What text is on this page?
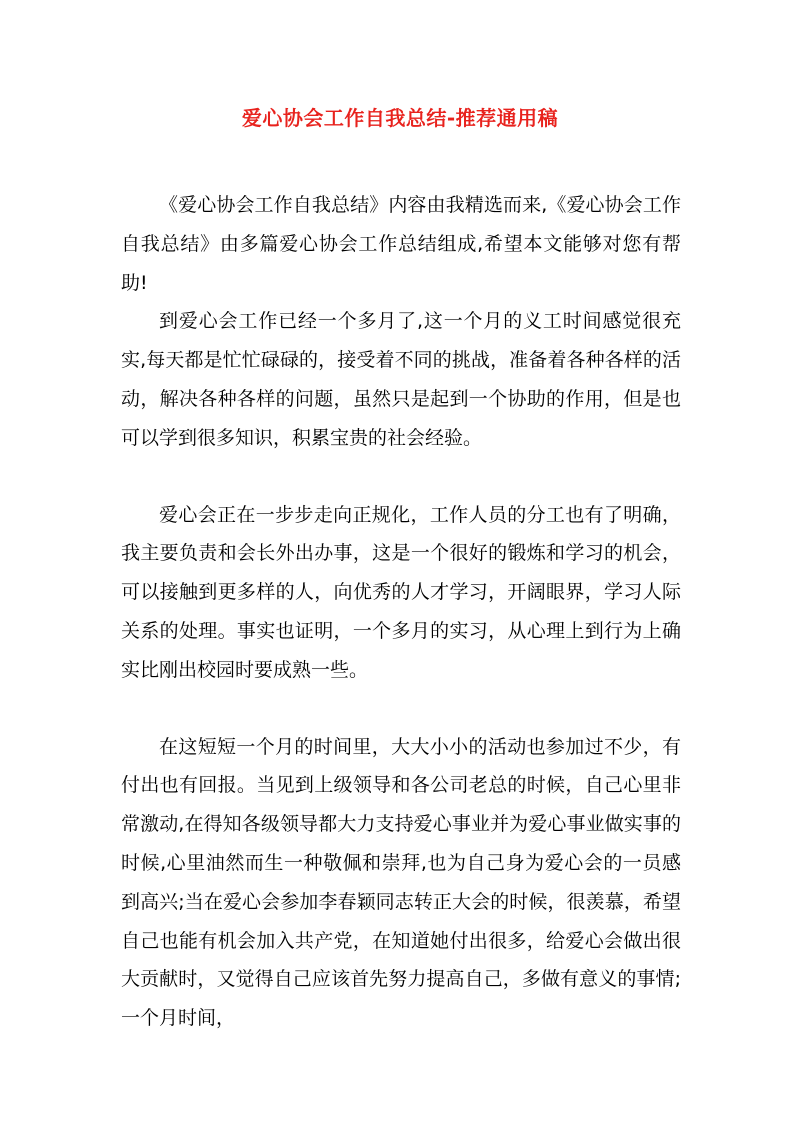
爱心协会工作自我总结-推荐通用稿

《爱心协会工作自我总结》内容由我精选而来,《爱心协会工作自我总结》由多篇爱心协会工作总结组成,希望本文能够对您有帮助!

到爱心会工作已经一个多月了,这一个月的义工时间感觉很充实,每天都是忙忙碌碌的，接受着不同的挑战，准备着各种各样的活动，解决各种各样的问题，虽然只是起到一个协助的作用，但是也可以学到很多知识，积累宝贵的社会经验。

爱心会正在一步步走向正规化，工作人员的分工也有了明确，我主要负责和会长外出办事，这是一个很好的锻炼和学习的机会，可以接触到更多样的人，向优秀的人才学习，开阔眼界，学习人际关系的处理。事实也证明，一个多月的实习，从心理上到行为上确实比刚出校园时要成熟一些。

在这短短一个月的时间里，大大小小的活动也参加过不少，有付出也有回报。当见到上级领导和各公司老总的时候，自己心里非常激动,在得知各级领导都大力支持爱心事业并为爱心事业做实事的时候,心里油然而生一种敬佩和崇拜,也为自己身为爱心会的一员感到高兴;当在爱心会参加李春颖同志转正大会的时候，很羡慕，希望自己也能有机会加入共产党，在知道她付出很多，给爱心会做出很大贡献时，又觉得自己应该首先努力提高自己，多做有意义的事情;一个月时间，
